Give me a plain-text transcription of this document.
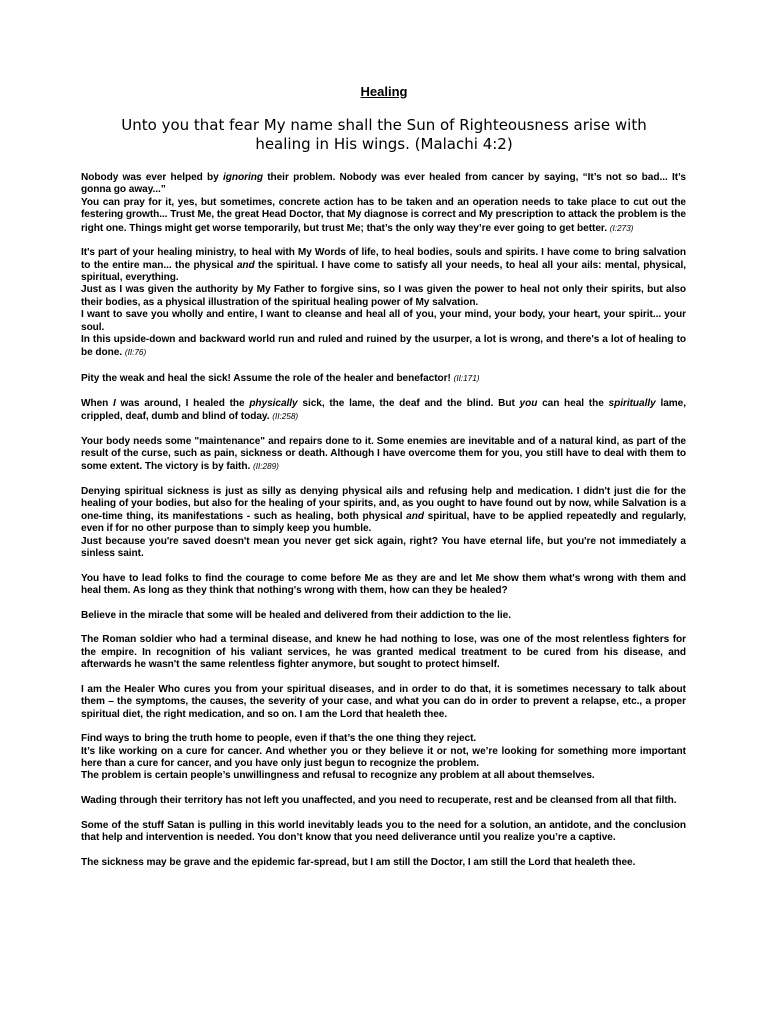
Healing
Unto you that fear My name shall the Sun of Righteousness arise with healing in His wings. (Malachi 4:2)

Nobody was ever helped by ignoring their problem. Nobody was ever healed from cancer by saying, “It’s not so bad... It’s gonna go away...”
You can pray for it, yes, but sometimes, concrete action has to be taken and an operation needs to take place to cut out the festering growth... Trust Me, the great Head Doctor, that My diagnose is correct and My prescription to attack the problem is the right one. Things might get worse temporarily, but trust Me; that’s the only way they’re ever going to get better. (I:273)

It's part of your healing ministry, to heal with My Words of life, to heal bodies, souls and spirits. I have come to bring salvation to the entire man... the physical and the spiritual. I have come to satisfy all your needs, to heal all your ails: mental, physical, spiritual, everything.
Just as I was given the authority by My Father to forgive sins, so I was given the power to heal not only their spirits, but also their bodies, as a physical illustration of the spiritual healing power of My salvation.
I want to save you wholly and entire, I want to cleanse and heal all of you, your mind, your body, your heart, your spirit... your soul.
In this upside-down and backward world run and ruled and ruined by the usurper, a lot is wrong, and there's a lot of healing to be done. (II:76)

Pity the weak and heal the sick! Assume the role of the healer and benefactor! (II:171)

When I was around, I healed the physically sick, the lame, the deaf and the blind. But you can heal the spiritually lame, crippled, deaf, dumb and blind of today. (II:258)

Your body needs some "maintenance" and repairs done to it. Some enemies are inevitable and of a natural kind, as part of the result of the curse, such as pain, sickness or death. Although I have overcome them for you, you still have to deal with them to some extent. The victory is by faith. (II:289)

Denying spiritual sickness is just as silly as denying physical ails and refusing help and medication. I didn't just die for the healing of your bodies, but also for the healing of your spirits, and, as you ought to have found out by now, while Salvation is a one-time thing, its manifestations - such as healing, both physical and spiritual, have to be applied repeatedly and regularly, even if for no other purpose than to simply keep you humble.
Just because you're saved doesn't mean you never get sick again, right? You have eternal life, but you're not immediately a sinless saint.

You have to lead folks to find the courage to come before Me as they are and let Me show them what's wrong with them and heal them. As long as they think that nothing's wrong with them, how can they be healed?

Believe in the miracle that some will be healed and delivered from their addiction to the lie.

The Roman soldier who had a terminal disease, and knew he had nothing to lose, was one of the most relentless fighters for the empire. In recognition of his valiant services, he was granted medical treatment to be cured from his disease, and afterwards he wasn't the same relentless fighter anymore, but sought to protect himself.

I am the Healer Who cures you from your spiritual diseases, and in order to do that, it is sometimes necessary to talk about them – the symptoms, the causes, the severity of your case, and what you can do in order to prevent a relapse, etc., a proper spiritual diet, the right medication, and so on. I am the Lord that healeth thee.

Find ways to bring the truth home to people, even if that’s the one thing they reject.
It’s like working on a cure for cancer. And whether you or they believe it or not, we’re looking for something more important here than a cure for cancer, and you have only just begun to recognize the problem.
The problem is certain people’s unwillingness and refusal to recognize any problem at all about themselves.

Wading through their territory has not left you unaffected, and you need to recuperate, rest and be cleansed from all that filth.

Some of the stuff Satan is pulling in this world inevitably leads you to the need for a solution, an antidote, and the conclusion that help and intervention is needed. You don’t know that you need deliverance until you realize you’re a captive.

The sickness may be grave and the epidemic far-spread, but I am still the Doctor, I am still the Lord that healeth thee.
